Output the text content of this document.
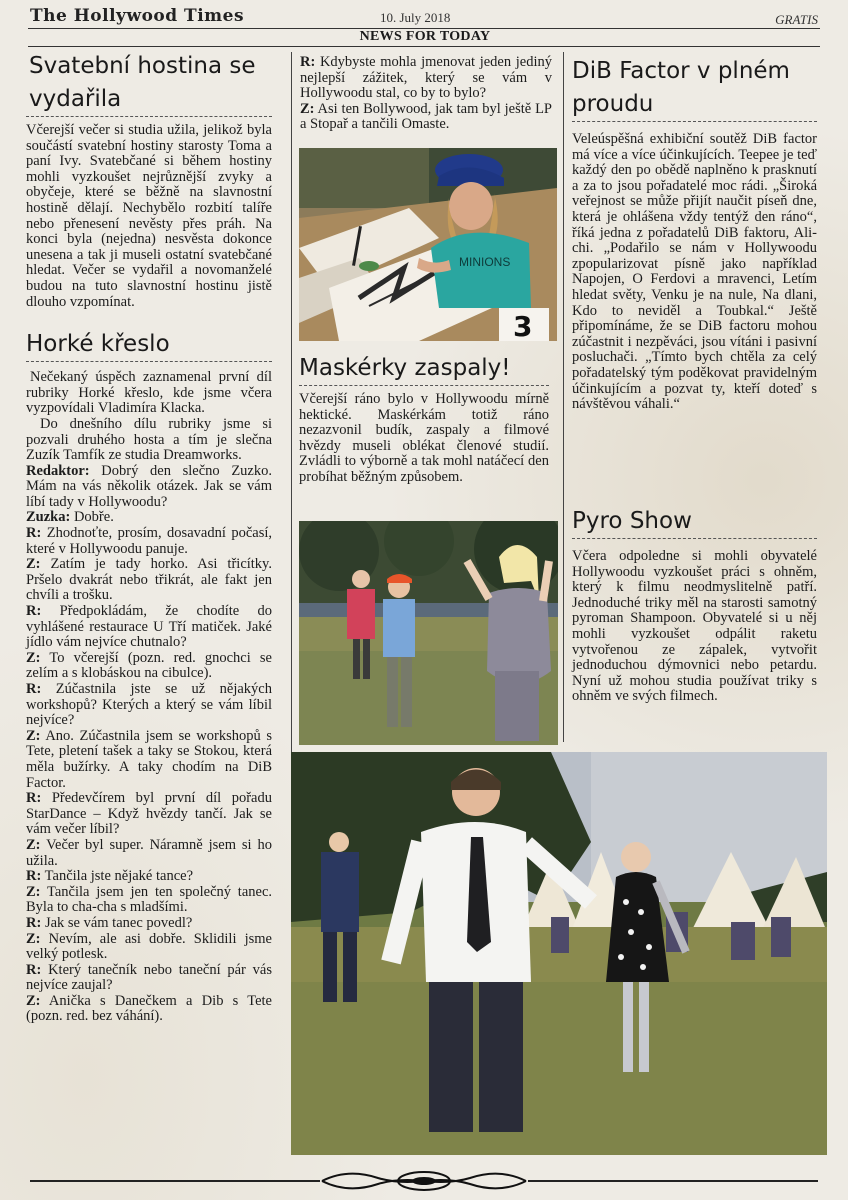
The Hollywood Times	10. July 2018	GRATIS
NEWS FOR TODAY
Svatební hostina se vydařila

Včerejší večer si studia užila, jelikož byla součástí svatební hostiny starosty Toma a paní Ivy. Svatebčané si během hostiny mohli vyzkoušet nejrůznější zvyky a obyčeje, které se běžně na slavnostní hostině dělají. Nechybělo rozbití talíře nebo přenesení nevěsty přes práh. Na konci byla (nejedna) nesvěsta dokonce unesena a tak ji museli ostatní svatebčané hledat. Večer se vydařil a novomanželé budou na tuto slavnostní hostinu jistě dlouho vzpomínat.

Horké křeslo

Nečekaný úspěch zaznamenal první díl rubriky Horké křeslo, kde jsme včera vyzpovídali Vladimíra Klacka.

Do dnešního dílu rubriky jsme si pozvali druhého hosta a tím je slečna Zuzík Tamfík ze studia Dreamworks.

Redaktor: Dobrý den slečno Zuzko. Mám na vás několik otázek. Jak se vám líbí tady v Hollywoodu?

Zuzka: Dobře.

R: Zhodnoťte, prosím, dosavadní počasí, které v Hollywoodu panuje.

Z: Zatím je tady horko. Asi třicítky. Pršelo dvakrát nebo třikrát, ale fakt jen chvíli a trošku.

R: Předpokládám, že chodíte do vyhlášené restaurace U Tří matiček. Jaké jídlo vám nejvíce chutnalo?

Z: To včerejší (pozn. red. gnochci se zelím a s klobáskou na cibulce).

R: Zúčastnila jste se už nějakých workshopů? Kterých a který se vám líbil nejvíce?

Z: Ano. Zúčastnila jsem se workshopů s Tete, pletení tašek a taky se Stokou, která měla bužírky. A taky chodím na DiB Factor.

R: Předevčírem byl první díl pořadu StarDance – Když hvězdy tančí. Jak se vám večer líbil?

Z: Večer byl super. Náramně jsem si ho užila.

R: Tančila jste nějaké tance?

Z: Tančila jsem jen ten společný tanec. Byla to cha-cha s mladšími.

R: Jak se vám tanec povedl?

Z: Nevím, ale asi dobře. Sklidili jsme velký potlesk.

R: Který tanečník nebo taneční pár vás nejvíce zaujal?

Z: Anička s Danečkem a Dib s Tete (pozn. red. bez váhání).

R: Kdybyste mohla jmenovat jeden jediný nejlepší zážitek, který se vám v Hollywoodu stal, co by to bylo?

Z: Asi ten Bollywood, jak tam byl ještě LP a Stopař a tančili Omaste.

MINIONS
3
Maskérky zaspaly!

Včerejší ráno bylo v Hollywoodu mírně hektické. Maskérkám totiž ráno nezazvonil budík, zaspaly a filmové hvězdy museli oblékat členové studií. Zvládli to výborně a tak mohl natáčecí den probíhat běžným způsobem.

DiB Factor v plném proudu

Veleúspěšná exhibiční soutěž DiB factor má více a více účinkujících. Teepee je teď každý den po obědě naplněno k prasknutí a za to jsou pořadatelé moc rádi. „Široká veřejnost se může přijít naučit píseň dne, která je ohlášena vždy tentýž den ráno“, říká jedna z pořadatelů DiB faktoru, Ali-chi. „Podařilo se nám v Hollywoodu zpopularizovat písně jako například Napojen, O Ferdovi a mravenci, Letím hledat světy, Venku je na nule, Na dlani, Kdo to neviděl a Toubkal.“ Ještě připomínáme, že se DiB factoru mohou zúčastnit i nezpěváci, jsou vítáni i pasivní posluchači. „Tímto bych chtěla za celý pořadatelský tým poděkovat pravidelným účinkujícím a pozvat ty, kteří doteď s návštěvou váhali.“

Pyro Show

Včera odpoledne si mohli obyvatelé Hollywoodu vyzkoušet práci s ohněm, který k filmu neodmyslitelně patří. Jednoduché triky měl na starosti samotný pyroman Shampoon. Obyvatelé si u něj mohli vyzkoušet odpálit raketu vytvořenou ze zápalek, vytvořit jednoduchou dýmovnici nebo petardu. Nyní už mohou studia používat triky s ohněm ve svých filmech.
